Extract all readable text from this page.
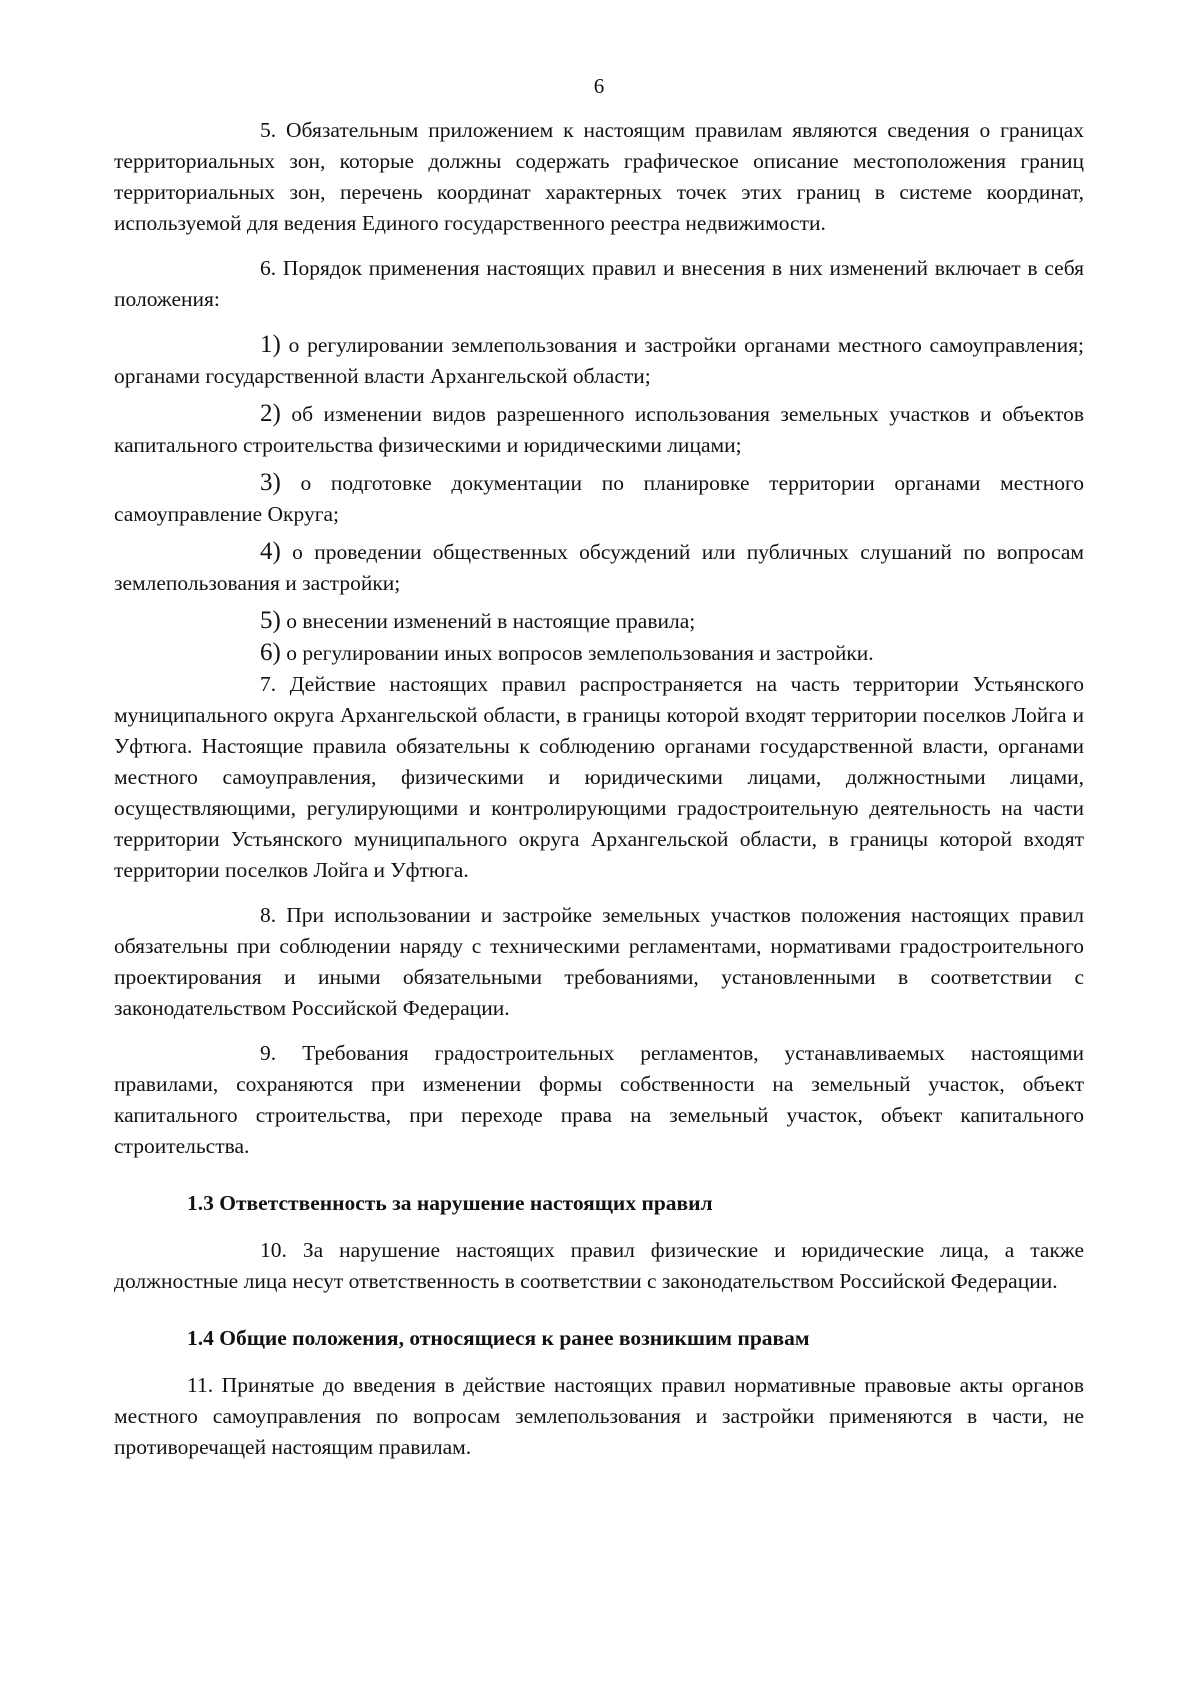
6

5. Обязательным приложением к настоящим правилам являются сведения о границах территориальных зон, которые должны содержать графическое описание местоположения границ территориальных зон, перечень координат характерных точек этих границ в системе координат, используемой для ведения Единого государственного реестра недвижимости.

6. Порядок применения настоящих правил и внесения в них изменений включает в себя положения:

1) о регулировании землепользования и застройки органами местного самоуправления; органами государственной власти Архангельской области;

2) об изменении видов разрешенного использования земельных участков и объектов капитального строительства физическими и юридическими лицами;

3) о подготовке документации по планировке территории органами местного самоуправление Округа;

4) о проведении общественных обсуждений или публичных слушаний по вопросам землепользования и застройки;

5) о внесении изменений в настоящие правила;

6) о регулировании иных вопросов землепользования и застройки.

7. Действие настоящих правил распространяется на часть территории Устьянского муниципального округа Архангельской области, в границы которой входят территории поселков Лойга и Уфтюга. Настоящие правила обязательны к соблюдению органами государственной власти, органами местного самоуправления, физическими и юридическими лицами, должностными лицами, осуществляющими, регулирующими и контролирующими градостроительную деятельность на части территории Устьянского муниципального округа Архангельской области, в границы которой входят территории поселков Лойга и Уфтюга.

8. При использовании и застройке земельных участков положения настоящих правил обязательны при соблюдении наряду с техническими регламентами, нормативами градостроительного проектирования и иными обязательными требованиями, установленными в соответствии с законодательством Российской Федерации.

9. Требования градостроительных регламентов, устанавливаемых настоящими правилами, сохраняются при изменении формы собственности на земельный участок, объект капитального строительства, при переходе права на земельный участок, объект капитального строительства.

1.3 Ответственность за нарушение настоящих правил

10. За нарушение настоящих правил физические и юридические лица, а также должностные лица несут ответственность в соответствии с законодательством Российской Федерации.

1.4 Общие положения, относящиеся к ранее возникшим правам

11. Принятые до введения в действие настоящих правил нормативные правовые акты органов местного самоуправления по вопросам землепользования и застройки применяются в части, не противоречащей настоящим правилам.
